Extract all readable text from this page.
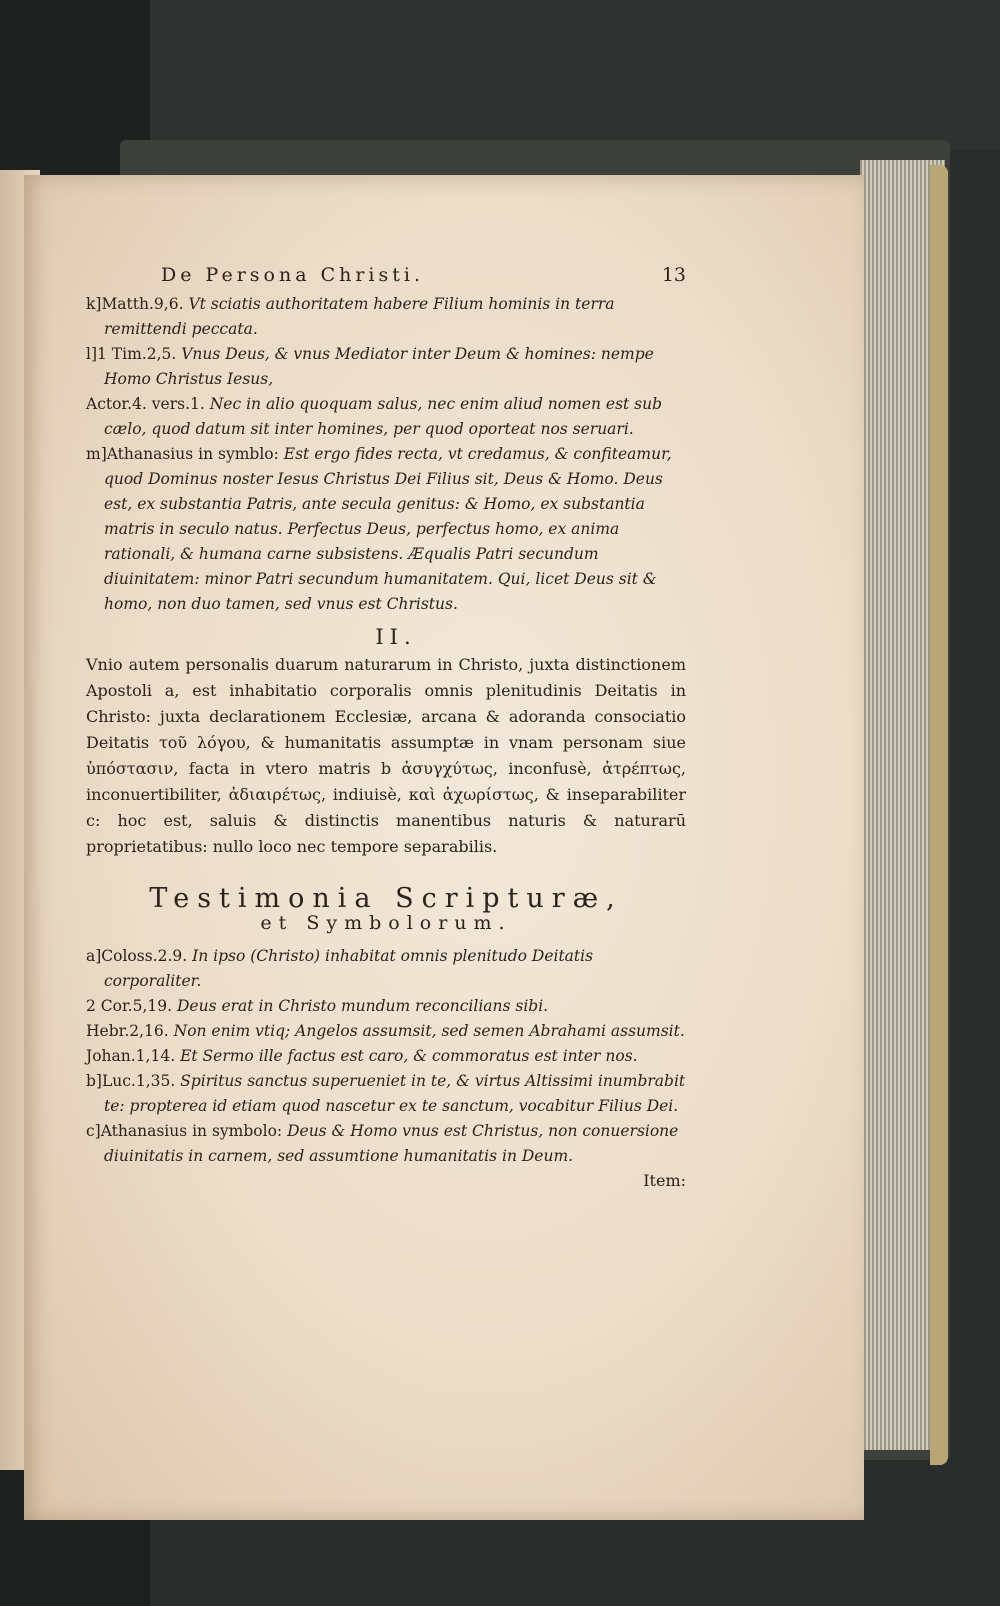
De Persona Christi.	13

k]Matth.9,6. Vt sciatis authoritatem habere Filium hominis in terra remittendi peccata.

l]1 Tim.2,5. Vnus Deus, & vnus Mediator inter Deum & homines: nempe Homo Christus Iesus,

Actor.4. vers.1. Nec in alio quoquam salus, nec enim aliud nomen est sub cælo, quod datum sit inter homines, per quod oporteat nos seruari.

m]Athanasius in symblo: Est ergo fides recta, vt credamus, & confiteamur, quod Dominus noster Iesus Christus Dei Filius sit, Deus & Homo. Deus est, ex substantia Patris, ante secula genitus: & Homo, ex substantia matris in seculo natus. Perfectus Deus, perfectus homo, ex anima rationali, & humana carne subsistens. Æqualis Patri secundum diuinitatem: minor Patri secundum humanitatem. Qui, licet Deus sit & homo, non duo tamen, sed vnus est Christus.

II.

Vnio autem personalis duarum naturarum in Christo, juxta distinctionem Apostoli a, est inhabitatio corporalis omnis plenitudinis Deitatis in Christo: juxta declarationem Ecclesiæ, arcana & adoranda consociatio Deitatis τοῦ λόγου, & humanitatis assumptæ in vnam personam siue ὑπόστασιν, facta in vtero matris b ἀσυγχύτως, inconfusè, ἀτρέπτως, inconuertibiliter, ἀδιαιρέτως, indiuisè, καὶ ἀχωρίστως, & inseparabiliter c: hoc est, saluis & distinctis manentibus naturis & naturarū proprietatibus: nullo loco nec tempore separabilis.

Testimonia Scripturæ,
et Symbolorum.

a]Coloss.2.9. In ipso (Christo) inhabitat omnis plenitudo Deitatis corporaliter.

2 Cor.5,19. Deus erat in Christo mundum reconcilians sibi.

Hebr.2,16. Non enim vtiq; Angelos assumsit, sed semen Abrahami assumsit.

Johan.1,14. Et Sermo ille factus est caro, & commoratus est inter nos.

b]Luc.1,35. Spiritus sanctus superueniet in te, & virtus Altissimi inumbrabit te: propterea id etiam quod nascetur ex te sanctum, vocabitur Filius Dei.

c]Athanasius in symbolo: Deus & Homo vnus est Christus, non conuersione diuinitatis in carnem, sed assumtione humanitatis in Deum.

Item:
